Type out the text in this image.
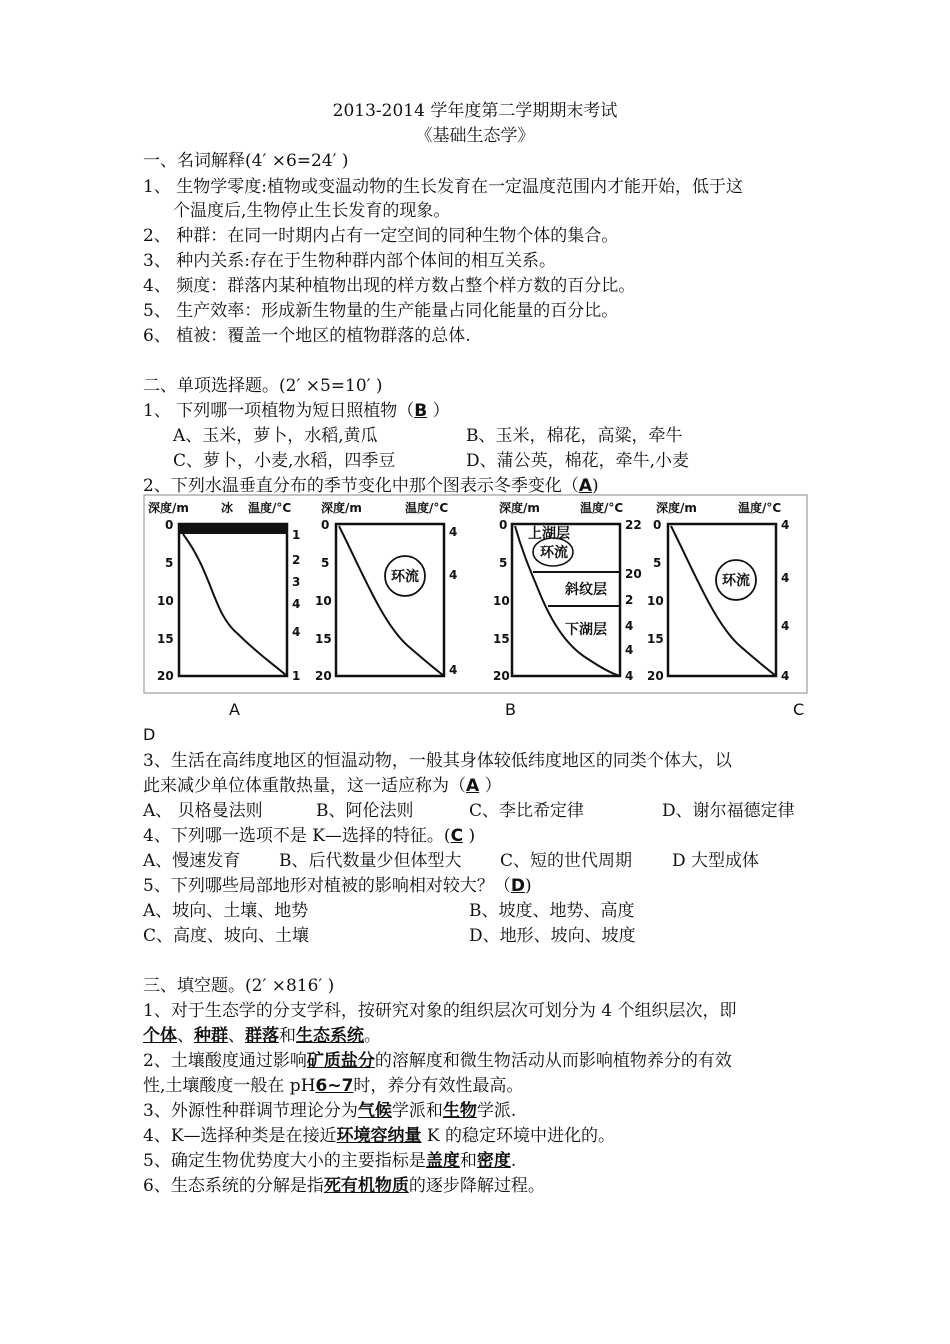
2013-2014 学年度第二学期期末考试
《基础生态学》
一、名词解释(4′ ×6=24′ )
1、 生物学零度:植物或变温动物的生长发育在一定温度范围内才能开始，低于这
个温度后,生物停止生长发育的现象。
2、 种群：在同一时期内占有一定空间的同种生物个体的集合。
3、 种内关系:存在于生物种群内部个体间的相互关系。
4、 频度：群落内某种植物出现的样方数占整个样方数的百分比。
5、 生产效率：形成新生物量的生产能量占同化能量的百分比。
6、 植被：覆盖一个地区的植物群落的总体.
二、单项选择题。(2′ ×5=10′ )
1、 下列哪一项植物为短日照植物（B ）
A、玉米，萝卜，水稻,黄瓜	B、玉米，棉花，高粱，牵牛
C、萝卜，小麦,水稻，四季豆	D、蒲公英，棉花，牵牛,小麦
2、下列水温垂直分布的季节变化中那个图表示冬季变化（A)
深度/m	冰 温度/°C
0
5
10
15
20
1
2
3
4
4
1
深度/m	温度/°C
环流
0
5
10
15
20
4
4
4
深度/m	温度/°C
上湖层
环流
斜纹层
下湖层
0
5
10
15
20
22
20
2
4
4
4
深度/m	温度/°C
环流
0
5
10
15
20
4
4
4
4
A	B	C
D
3、生活在高纬度地区的恒温动物，一般其身体较低纬度地区的同类个体大，以
此来减少单位体重散热量，这一适应称为（A ）
A、 贝格曼法则	B、阿伦法则	C、李比希定律	D、谢尔福德定律
4、下列哪一选项不是 K—选择的特征。(C )
A、慢速发育 B、后代数量少但体型大 C、短的世代周期 D 大型成体
5、下列哪些局部地形对植被的影响相对较大？（D)
A、坡向、土壤、地势	B、坡度、地势、高度
C、高度、坡向、土壤	D、地形、坡向、坡度
三、填空题。(2′ ×816′ )
1、对于生态学的分支学科，按研究对象的组织层次可划分为 4 个组织层次，即
个体、种群、群落和生态系统。
2、土壤酸度通过影响矿质盐分的溶解度和微生物活动从而影响植物养分的有效
性,土壤酸度一般在 pH6~7时，养分有效性最高。
3、外源性种群调节理论分为气候学派和生物学派.
4、K—选择种类是在接近环境容纳量 K 的稳定环境中进化的。
5、确定生物优势度大小的主要指标是盖度和密度.
6、生态系统的分解是指死有机物质的逐步降解过程。
